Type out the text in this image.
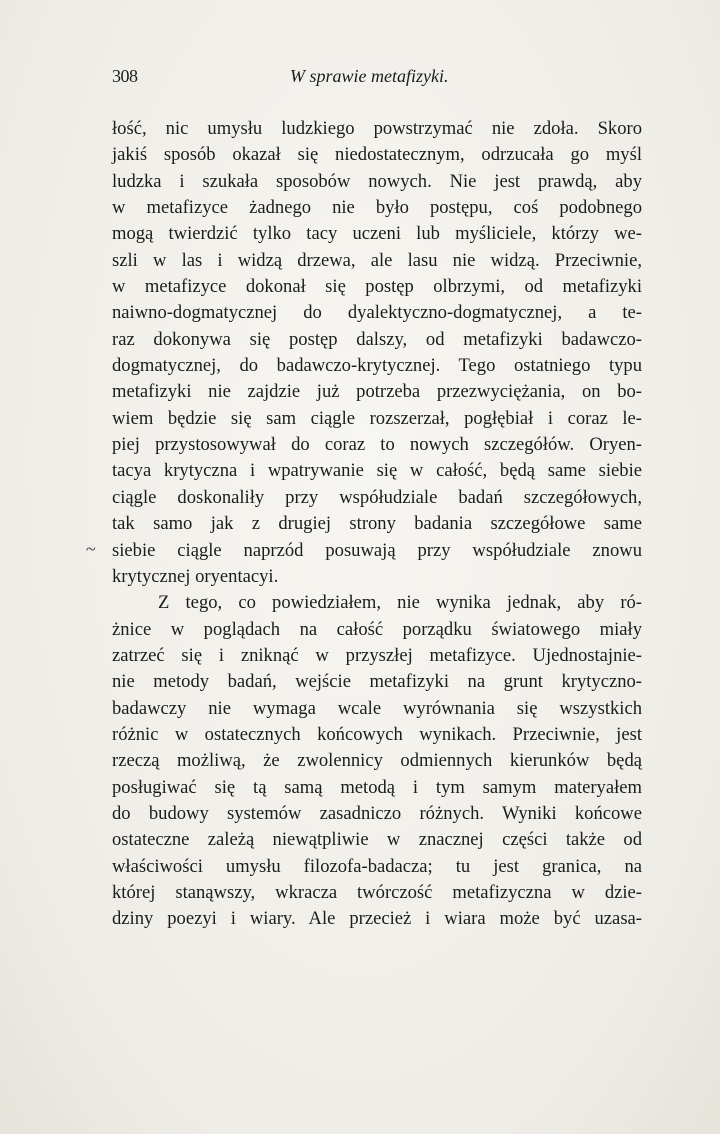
308	W sprawie metafizyki.
~
łość, nic umysłu ludzkiego powstrzymać nie zdoła. Skoro
jakiś sposób okazał się niedostatecznym, odrzucała go myśl
ludzka i szukała sposobów nowych. Nie jest prawdą, aby
w metafizyce żadnego nie było postępu, coś podobnego
mogą twierdzić tylko tacy uczeni lub myśliciele, którzy we-
szli w las i widzą drzewa, ale lasu nie widzą. Przeciwnie,
w metafizyce dokonał się postęp olbrzymi, od metafizyki
naiwno-dogmatycznej do dyalektyczno-dogmatycznej, a te-
raz dokonywa się postęp dalszy, od metafizyki badawczo-
dogmatycznej, do badawczo-krytycznej. Tego ostatniego typu
metafizyki nie zajdzie już potrzeba przezwyciężania, on bo-
wiem będzie się sam ciągle rozszerzał, pogłębiał i coraz le-
piej przystosowywał do coraz to nowych szczegółów. Oryen-
tacya krytyczna i wpatrywanie się w całość, będą same siebie
ciągle doskonaliły przy współudziale badań szczegółowych,
tak samo jak z drugiej strony badania szczegółowe same
siebie ciągle naprzód posuwają przy współudziale znowu
krytycznej oryentacyi.
Z tego, co powiedziałem, nie wynika jednak, aby ró-
żnice w poglądach na całość porządku światowego miały
zatrzeć się i zniknąć w przyszłej metafizyce. Ujednostajnie-
nie metody badań, wejście metafizyki na grunt krytyczno-
badawczy nie wymaga wcale wyrównania się wszystkich
różnic w ostatecznych końcowych wynikach. Przeciwnie, jest
rzeczą możliwą, że zwolennicy odmiennych kierunków będą
posługiwać się tą samą metodą i tym samym materyałem
do budowy systemów zasadniczo różnych. Wyniki końcowe
ostateczne zależą niewątpliwie w znacznej części także od
właściwości umysłu filozofa-badacza; tu jest granica, na
której stanąwszy, wkracza twórczość metafizyczna w dzie-
dziny poezyi i wiary. Ale przecież i wiara może być uzasa-
